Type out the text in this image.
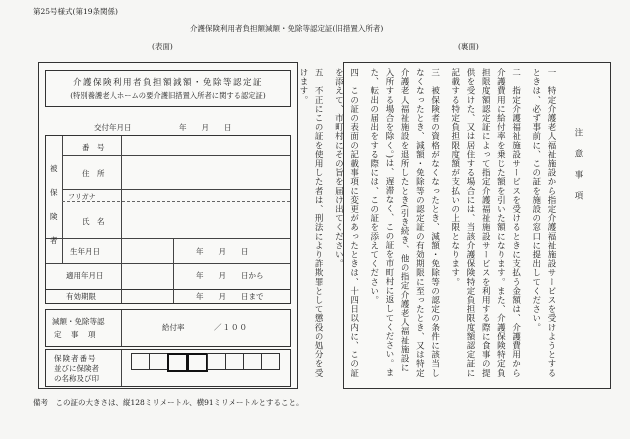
第25号様式(第19条関係)
介護保険利用者負担額減額・免除等認定証(旧措置入所者)
(表面)	(裏面)
介護保険利用者負担額減額・免除等認定証
(特別養護老人ホームの要介護旧措置入所者に関する認定証)
交付年月日	年　　月　　日
被
保
険
者
番　号
住　所
フリガナ
氏　名
生年月日	年　　月　　日
適用年月日	年　　月　　日から
有効期限	年　　月　　日まで
減額・免除等認
定　事　項
給付率	／１００
保険者番号
並びに保険者
の名称及び印
備考　この証の大きさは、縦128ミリメートル、横91ミリメートルとすること。
注　意　事　項

一　特定介護老人福祉施設から指定介護福祉施設サービスを受けようとするときは、必ず事前に、この証を施設の窓口に提出してください。

二　指定介護福祉施設サービスを受けるときに支払う金額は、介護費用から介護費用に給付率を乗じた額を引いた額になります。また、介護保険特定負担限度額認定証によって指定介護福祉施設サービスを利用する際に食事の提供を受けた、又は居住する場合には、当該介護保険特定負担限度額認定証に記載する特定負担限度額が支払いの上限となります。

三　被保険者の資格がなくなったとき、減額・免除等の認定の条件に該当しなくなったとき、減額・免除等の認定証の有効期限に至ったとき、又は特定介護老人福祉施設を退所したとき(引き続き、他の指定介護老人福祉施設に入所する場合を除く。)は、遅滞なく、この証を市町村に返してください。また、転出の届出をする際には、この証を添えてください。

四　この証の表面の記載事項に変更があったときは、十四日以内に、この証を添えて、市町村にその旨を届け出てください。

五　不正にこの証を使用した者は、刑法により詐欺罪として懲役の処分を受けます。
